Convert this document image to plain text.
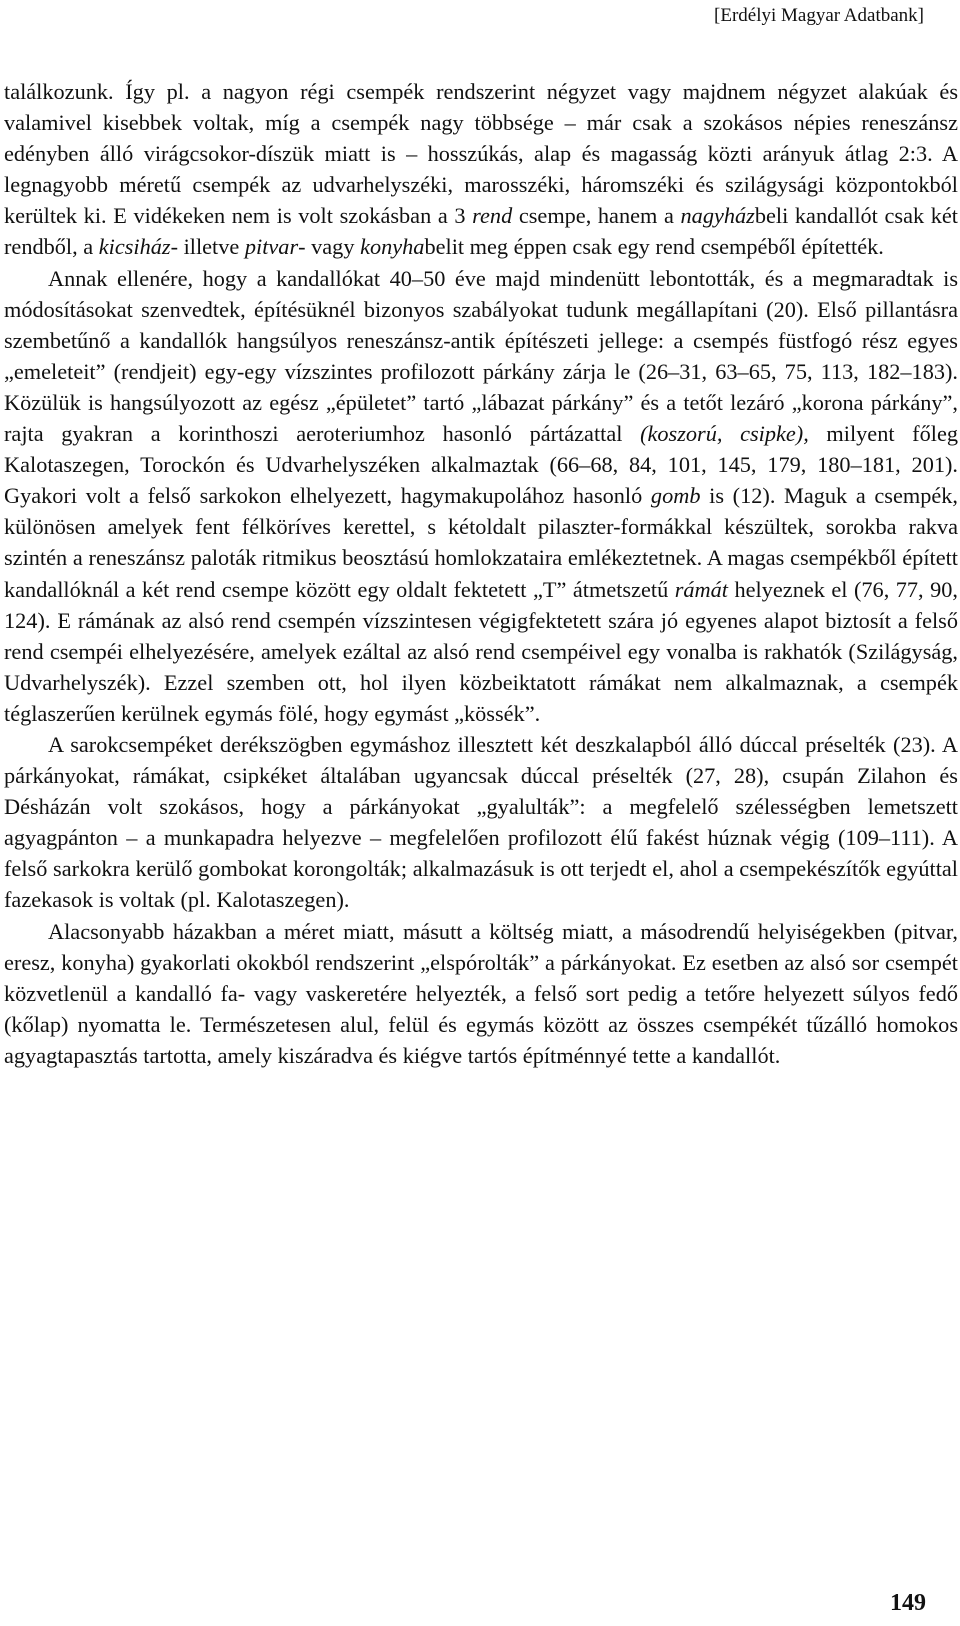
[Erdélyi Magyar Adatbank]

találkozunk. Így pl. a nagyon régi csempék rendszerint négyzet vagy majdnem négyzet alakúak és valamivel kisebbek voltak, míg a csempék nagy többsége – már csak a szokásos népies reneszánsz edényben álló virágcsokor-díszük miatt is – hosszúkás, alap és magasság közti arányuk átlag 2:3. A legnagyobb méretű csempék az udvarhelyszéki, marosszéki, háromszéki és szilágysági központokból kerültek ki. E vidékeken nem is volt szokásban a 3 rend csempe, hanem a nagyházbeli kandallót csak két rendből, a kicsiház- illetve pitvar- vagy konyhabelit meg éppen csak egy rend csempéből építették.

Annak ellenére, hogy a kandallókat 40–50 éve majd mindenütt lebontották, és a megmaradtak is módosításokat szenvedtek, építésüknél bizonyos szabályokat tudunk megállapítani (20). Első pillantásra szembetűnő a kandallók hangsúlyos reneszánsz-antik építészeti jellege: a csempés füstfogó rész egyes „emeleteit” (rendjeit) egy-egy vízszintes profilozott párkány zárja le (26–31, 63–65, 75, 113, 182–183). Közülük is hangsúlyozott az egész „épületet” tartó „lábazat párkány” és a tetőt lezáró „korona párkány”, rajta gyakran a korinthoszi aeroteriumhoz hasonló pártázattal (koszorú, csipke), milyent főleg Kalotaszegen, Torockón és Udvarhelyszéken alkalmaztak (66–68, 84, 101, 145, 179, 180–181, 201). Gyakori volt a felső sarkokon elhelyezett, hagymakupolához hasonló gomb is (12). Maguk a csempék, különösen amelyek fent félköríves kerettel, s kétoldalt pilaszter-formákkal készültek, sorokba rakva szintén a reneszánsz paloták ritmikus beosztású homlokzataira emlékeztetnek. A magas csempékből épített kandallóknál a két rend csempe között egy oldalt fektetett „T” átmetszetű rámát helyeznek el (76, 77, 90, 124). E rámának az alsó rend csempén vízszintesen végigfektetett szára jó egyenes alapot biztosít a felső rend csempéi elhelyezésére, amelyek ezáltal az alsó rend csempéivel egy vonalba is rakhatók (Szilágyság, Udvarhelyszék). Ezzel szemben ott, hol ilyen közbeiktatott rámákat nem alkalmaznak, a csempék téglaszerűen kerülnek egymás fölé, hogy egymást „kössék”.

A sarokcsempéket derékszögben egymáshoz illesztett két deszkalapból álló dúccal préselték (23). A párkányokat, rámákat, csipkéket általában ugyancsak dúccal préselték (27, 28), csupán Zilahon és Désházán volt szokásos, hogy a párkányokat „gyalulták”: a megfelelő szélességben lemetszett agyagpánton – a munkapadra helyezve – megfelelően profilozott élű fakést húznak végig (109–111). A felső sarkokra kerülő gombokat korongolták; alkalmazásuk is ott terjedt el, ahol a csempekészítők egyúttal fazekasok is voltak (pl. Kalotaszegen).

Alacsonyabb házakban a méret miatt, másutt a költség miatt, a másodrendű helyiségekben (pitvar, eresz, konyha) gyakorlati okokból rendszerint „elspórolták” a párkányokat. Ez esetben az alsó sor csempét közvetlenül a kandalló fa- vagy vaskeretére helyezték, a felső sort pedig a tetőre helyezett súlyos fedő (kőlap) nyomatta le. Természetesen alul, felül és egymás között az összes csempékét tűzálló homokos agyagtapasztás tartotta, amely kiszáradva és kiégve tartós építménnyé tette a kandallót.

149
